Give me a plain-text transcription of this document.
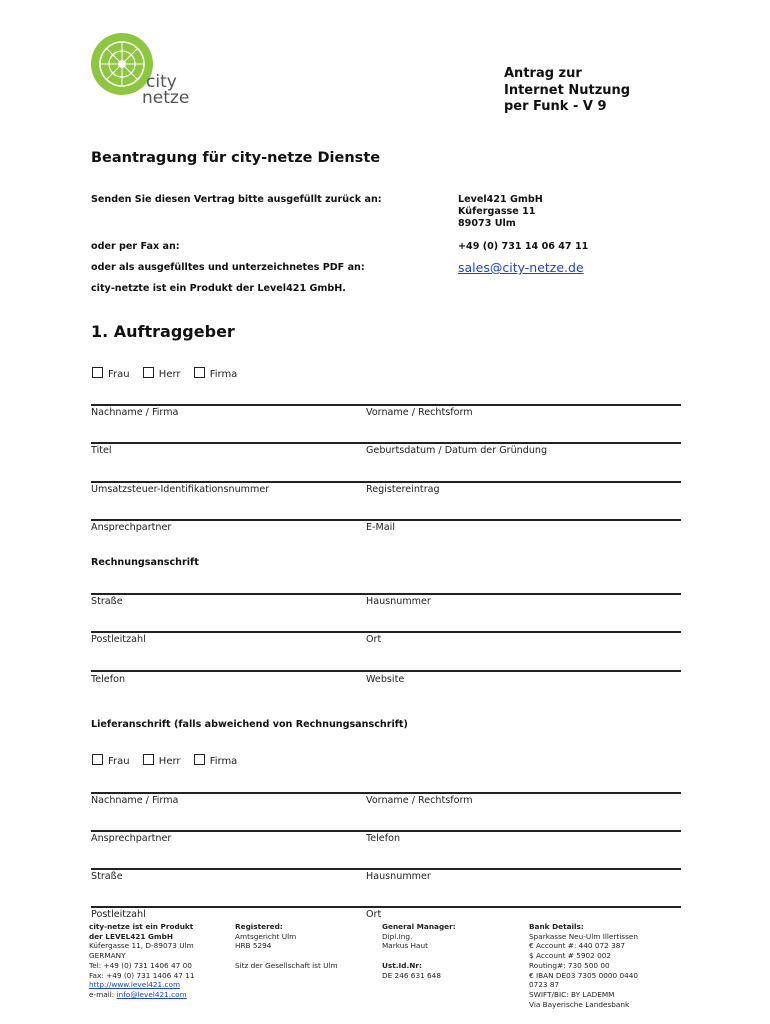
city
netze
Antrag zur
Internet Nutzung
per Funk - V 9
Beantragung für city-netze Dienste
Senden Sie diesen Vertrag bitte ausgefüllt zurück an:	Level421 GmbH
Küfergasse 11
89073 Ulm
oder per Fax an:	+49 (0) 731 14 06 47 11
oder als ausgefülltes und unterzeichnetes PDF an:	sales@city-netze.de
city-netzte ist ein Produkt der Level421 GmbH.
1. Auftraggeber
Frau	Herr	Firma
Nachname / Firma	Vorname / Rechtsform
Titel	Geburtsdatum / Datum der Gründung
Umsatzsteuer-Identifikationsnummer	Registereintrag
Ansprechpartner	E-Mail
Rechnungsanschrift
Straße	Hausnummer
Postleitzahl	Ort
Telefon	Website
Lieferanschrift (falls abweichend von Rechnungsanschrift)
Frau	Herr	Firma
Nachname / Firma	Vorname / Rechtsform
Ansprechpartner	Telefon
Straße	Hausnummer
Postleitzahl	Ort
city-netze ist ein Produkt
der LEVEL421 GmbH
Küfergasse 11, D-89073 Ulm
GERMANY
Tel: +49 (0) 731 1406 47 00
Fax: +49 (0) 731 1406 47 11
http://www.level421.com
e-mail: info@level421.com
Registered:
Amtsgericht Ulm
HRB 5294
Sitz der Gesellschaft ist Ulm
General Manager:
Dipl.Ing.
Markus Haut
Ust.Id.Nr:
DE 246 631 648
Bank Details:
Sparkasse Neu-Ulm Illertissen
€ Account #: 440 072 387
$ Account # 5902 002
Routing#: 730 500 00
€ IBAN DE03 7305 0000 0440
0723 87
SWIFT/BIC: BY LADEMM
Via Bayerische Landesbank
